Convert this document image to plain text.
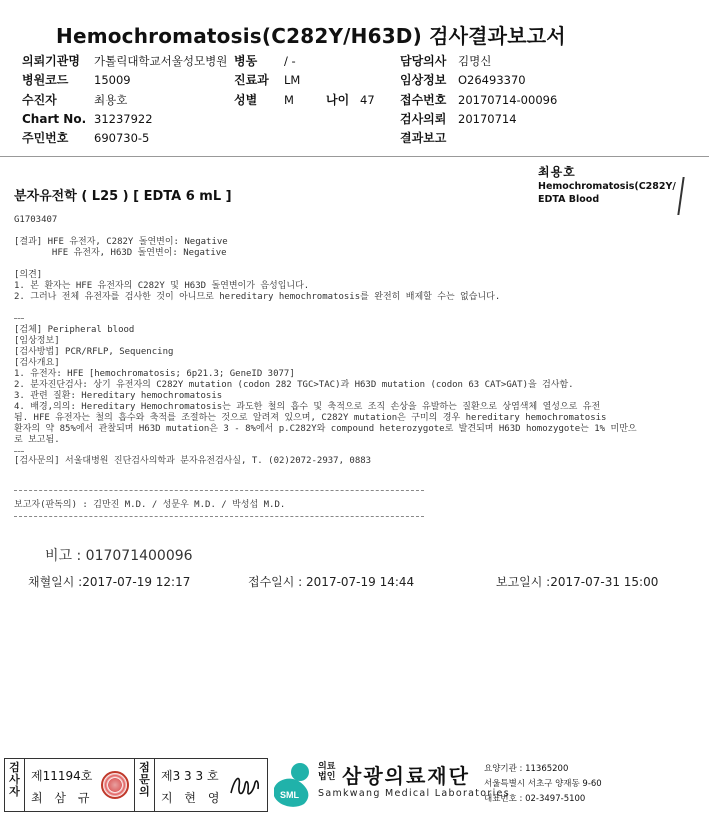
Hemochromatosis(C282Y/H63D) 검사결과보고서
의뢰기관명 가톨릭대학교서울성모병원 병동 / -	담당의사 김명신
병원코드 15009	진료과 LM	임상정보 O26493370
수진자	최용호	성별 M	나이 47 접수번호 20170714-00096
Chart No. 31237922	검사의뢰 20170714
주민번호 690730-5	결과보고
최용호
Hemochromatosis(C282Y/
EDTA Blood
분자유전학 ( L25 ) [ EDTA 6 mL ]
G1703407
[결과] HFE 유전자, C282Y 돌연변이: Negative
HFE 유전자, H63D 돌연변이: Negative
[의견]
1. 본 환자는 HFE 유전자의 C282Y 및 H63D 돌연변이가 음성입니다.
2. 그러나 전체 유전자를 검사한 것이 아니므로 hereditary hemochromatosis를 완전히 배제할 수는 없습니다.
[검체] Peripheral blood
[임상정보]
[검사방법] PCR/RFLP, Sequencing
[검사개요]
1. 유전자: HFE [hemochromatosis; 6p21.3; GeneID 3077]
2. 분자진단검사: 상기 유전자의 C282Y mutation (codon 282 TGC>TAC)과 H63D mutation (codon 63 CAT>GAT)을 검사함.
3. 관련 질환: Hereditary hemochromatosis
4. 배경,의의: Hereditary Hemochromatosis는 과도한 철의 흡수 및 축적으로 조직 손상을 유발하는 질환으로 상염색체 열성으로 유전
됨. HFE 유전자는 철의 흡수와 축적를 조절하는 것으로 알려져 있으며, C282Y mutation은 구미의 경우 hereditary hemochromatosis
환자의 약 85%에서 관찰되며 H63D mutation은 3 - 8%에서 p.C282Y와 compound heterozygote로 발견되며 H63D homozygote는 1% 미만으
로 보고됨.
[검사문의] 서울대병원 진단검사의학과 분자유전검사실, T. (02)2072-2937, 0883
보고자(판독의) : 김만진 M.D. / 성문우 M.D. / 박성섭 M.D.
비고 : 017071400096
채혈일시 :2017-07-19 12:17	접수일시 : 2017-07-19 14:44	보고일시 :2017-07-31 15:00
검
사
자
제11194호
최 삼 규
점
문
의
제3 3 3 호
지 현 영	SML
의료
법인 삼광의료재단
Samkwang Medical Laboratories
요양기관 : 11365200
서울특별시 서초구 양재동 9-60
대표번호 : 02-3497-5100
